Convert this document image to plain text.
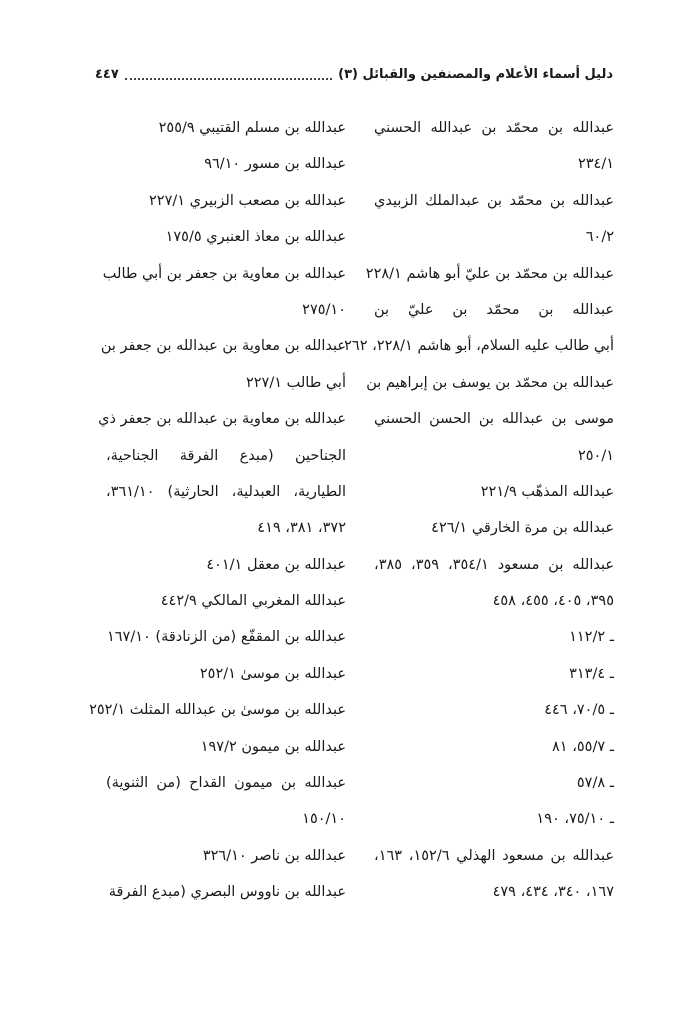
دليل أسماء الأعلام والمصنفين والقبائل (٣)
٤٤٧
عبدالله بن محمّد بن عبدالله الحسني
٢٣٤/١
عبدالله بن محمّد بن عبدالملك الزبيدي
٦٠/٢
عبدالله بن محمّد بن عليّ أبو هاشم ٢٢٨/١
عبدالله بن محمّد بن عليّ بن
أبي طالب عليه السلام، أبو هاشم ٢٢٨/١، ٢٦٢
عبدالله بن محمّد بن يوسف بن إبراهيم بن
موسى بن عبدالله بن الحسن الحسني
٢٥٠/١
عبدالله المذهّب ٢٢١/٩
عبدالله بن مرة الخارقي ٤٢٦/١
عبدالله بن مسعود ٣٥٤/١، ٣٥٩، ٣٨٥،
٣٩٥، ٤٠٥، ٤٥٥، ٤٥٨
ـ ١١٢/٢
ـ ٣١٣/٤
ـ ٧٠/٥، ٤٤٦
ـ ٥٥/٧، ٨١
ـ ٥٧/٨
ـ ٧٥/١٠، ١٩٠
عبدالله بن مسعود الهذلي ١٥٢/٦، ١٦٣،
١٦٧، ٣٤٠، ٤٣٤، ٤٧٩
عبدالله بن مسلم القتيبي ٢٥٥/٩
عبدالله بن مسور ٩٦/١٠
عبدالله بن مصعب الزبيري ٢٢٧/١
عبدالله بن معاذ العنبري ١٧٥/٥
عبدالله بن معاوية بن جعفر بن أبي طالب
٢٧٥/١٠
عبدالله بن معاوية بن عبدالله بن جعفر بن
أبي طالب ٢٢٧/١
عبدالله بن معاوية بن عبدالله بن جعفر ذي
الجناحين (مبدع الفرقة الجناحية،
الطيارية، العبدلية، الحارثية) ٣٦١/١٠،
٣٧٢، ٣٨١، ٤١٩
عبدالله بن معقل ٤٠١/١
عبدالله المغربي المالكي ٤٤٢/٩
عبدالله بن المقفّع (من الزنادقة) ١٦٧/١٠
عبدالله بن موسىٰ ٢٥٢/١
عبدالله بن موسىٰ بن عبدالله المثلث ٢٥٢/١
عبدالله بن ميمون ١٩٧/٢
عبدالله بن ميمون القداح (من الثنوية)
١٥٠/١٠
عبدالله بن ناصر ٣٢٦/١٠
عبدالله بن ناووس البصري (مبدع الفرقة
